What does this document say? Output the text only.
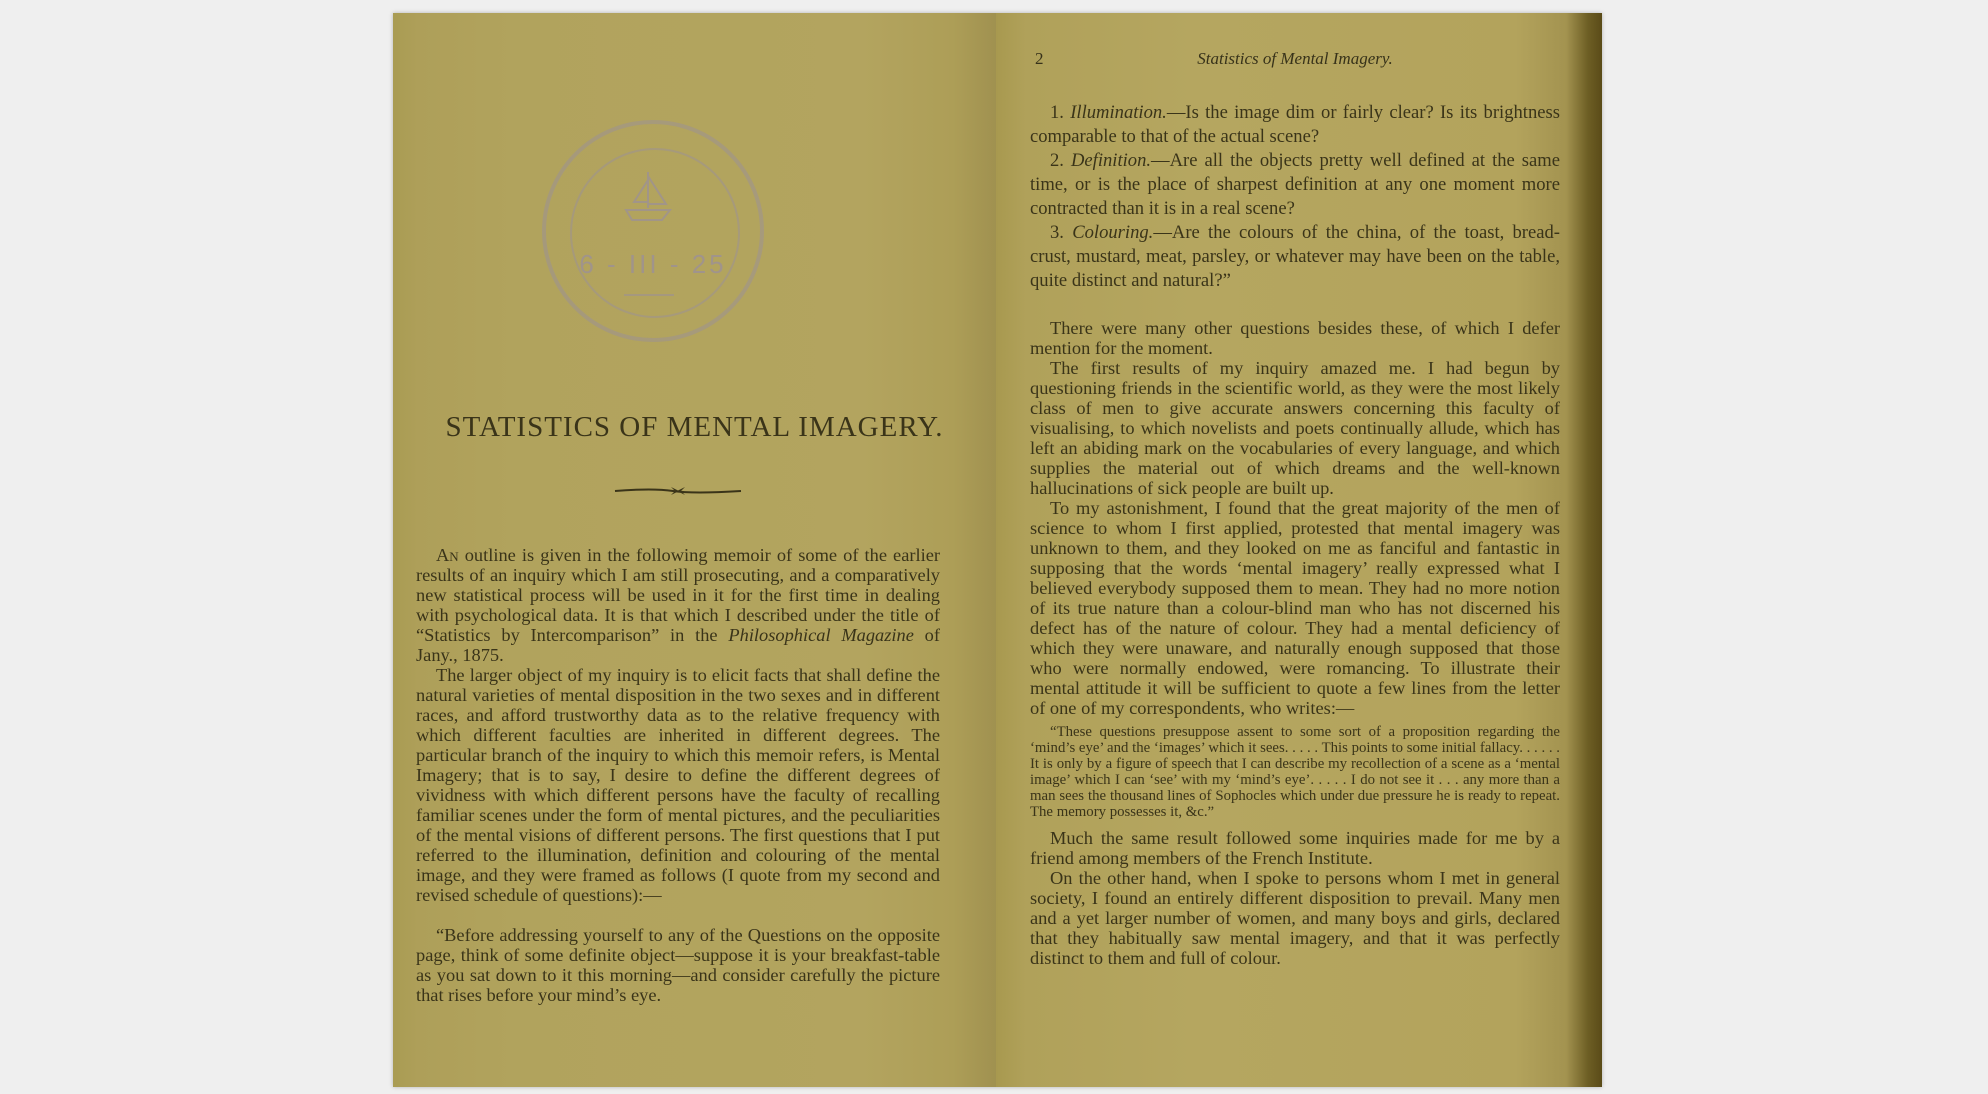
6 - III - 25
STATISTICS OF MENTAL IMAGERY.

An outline is given in the following memoir of some of the earlier results of an inquiry which I am still prosecuting, and a comparatively new statistical process will be used in it for the first time in dealing with psychological data. It is that which I described under the title of “Statistics by Intercomparison” in the Philosophical Magazine of Jany., 1875.

The larger object of my inquiry is to elicit facts that shall define the natural varieties of mental disposition in the two sexes and in different races, and afford trustworthy data as to the relative frequency with which different faculties are inherited in different degrees. The particular branch of the inquiry to which this memoir refers, is Mental Imagery; that is to say, I desire to define the different degrees of vividness with which different persons have the faculty of recalling familiar scenes under the form of mental pictures, and the peculiarities of the mental visions of different persons. The first questions that I put referred to the illumination, definition and colouring of the mental image, and they were framed as follows (I quote from my second and revised schedule of questions):—

“Before addressing yourself to any of the Questions on the opposite page, think of some definite object—suppose it is your breakfast-table as you sat down to it this morning—and consider carefully the picture that rises before your mind’s eye.

2	Statistics of Mental Imagery.

1. Illumination.—Is the image dim or fairly clear? Is its brightness comparable to that of the actual scene?

2. Definition.—Are all the objects pretty well defined at the same time, or is the place of sharpest definition at any one moment more contracted than it is in a real scene?

3. Colouring.—Are the colours of the china, of the toast, bread-crust, mustard, meat, parsley, or whatever may have been on the table, quite distinct and natural?”

There were many other questions besides these, of which I defer mention for the moment.

The first results of my inquiry amazed me. I had begun by questioning friends in the scientific world, as they were the most likely class of men to give accurate answers concerning this faculty of visualising, to which novelists and poets continually allude, which has left an abiding mark on the vocabularies of every language, and which supplies the material out of which dreams and the well-known hallucinations of sick people are built up.

To my astonishment, I found that the great majority of the men of science to whom I first applied, protested that mental imagery was unknown to them, and they looked on me as fanciful and fantastic in supposing that the words ‘mental imagery’ really expressed what I believed everybody supposed them to mean. They had no more notion of its true nature than a colour-blind man who has not discerned his defect has of the nature of colour. They had a mental deficiency of which they were unaware, and naturally enough supposed that those who were normally endowed, were romancing. To illustrate their mental attitude it will be sufficient to quote a few lines from the letter of one of my correspondents, who writes:—

“These questions presuppose assent to some sort of a proposition regarding the ‘mind’s eye’ and the ‘images’ which it sees. . . . . This points to some initial fallacy. . . . . . It is only by a figure of speech that I can describe my recollection of a scene as a ‘mental image’ which I can ‘see’ with my ‘mind’s eye’. . . . . I do not see it . . . any more than a man sees the thousand lines of Sophocles which under due pressure he is ready to repeat. The memory possesses it, &c.”

Much the same result followed some inquiries made for me by a friend among members of the French Institute.

On the other hand, when I spoke to persons whom I met in general society, I found an entirely different disposition to prevail. Many men and a yet larger number of women, and many boys and girls, declared that they habitually saw mental imagery, and that it was perfectly distinct to them and full of colour.
